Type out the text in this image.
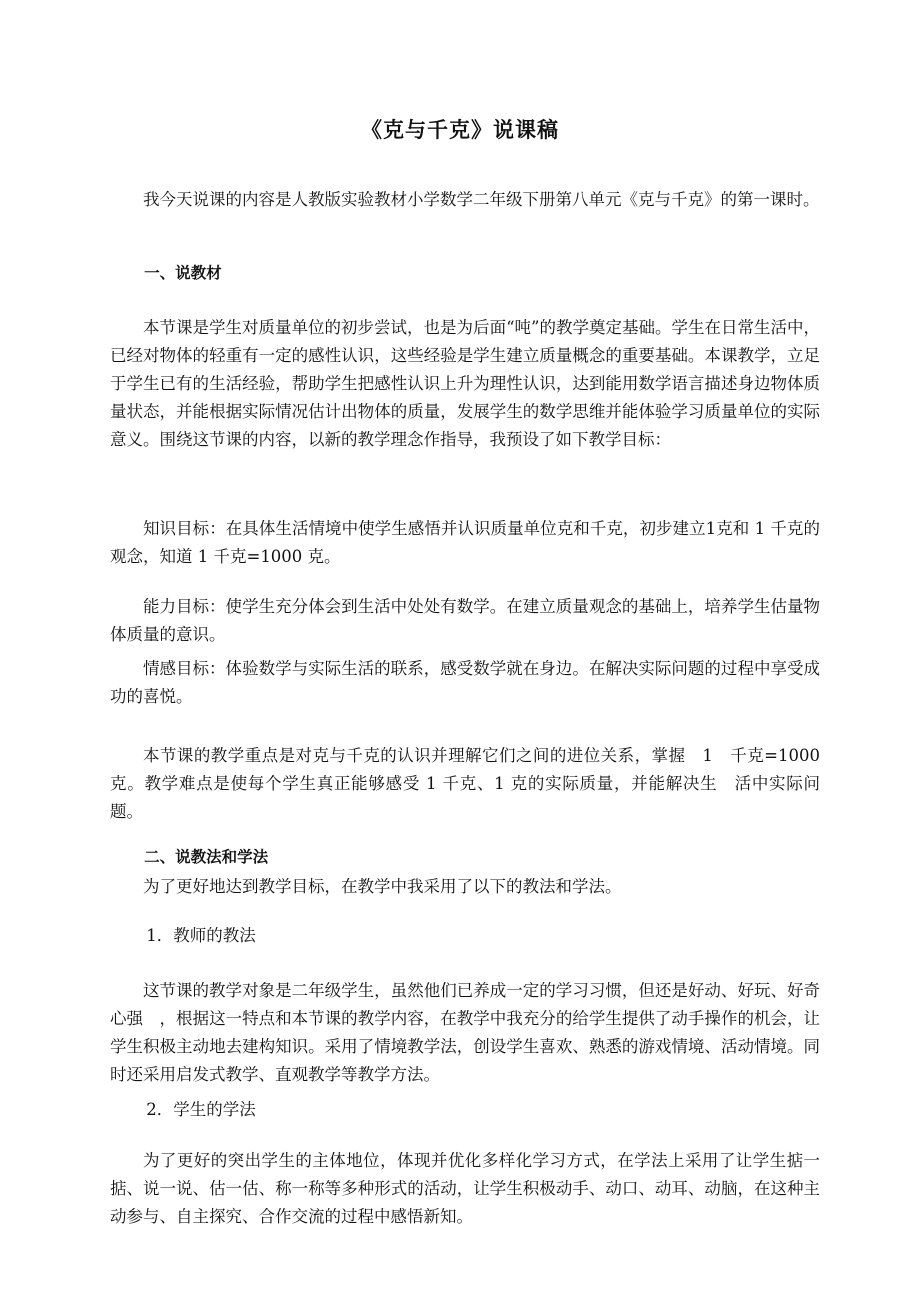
《克与千克》说课稿

我今天说课的内容是人教版实验教材小学数学二年级下册第八单元《克与千克》的第一课时。

一、说教材

本节课是学生对质量单位的初步尝试，也是为后面“吨”的教学奠定基础。学生在日常生活中，已经对物体的轻重有一定的感性认识，这些经验是学生建立质量概念的重要基础。本课教学，立足于学生已有的生活经验，帮助学生把感性认识上升为理性认识，达到能用数学语言描述身边物体质量状态，并能根据实际情况估计出物体的质量，发展学生的数学思维并能体验学习质量单位的实际意义。围绕这节课的内容，以新的教学理念作指导，我预设了如下教学目标：

知识目标：在具体生活情境中使学生感悟并认识质量单位克和千克，初步建立1克和 1 千克的观念，知道 1 千克=1000 克。

能力目标：使学生充分体会到生活中处处有数学。在建立质量观念的基础上，培养学生估量物体质量的意识。

情感目标：体验数学与实际生活的联系，感受数学就在身边。在解决实际问题的过程中享受成功的喜悦。

本节课的教学重点是对克与千克的认识并理解它们之间的进位关系，掌握　1　千克=1000 克。教学难点是使每个学生真正能够感受 1 千克、1 克的实际质量，并能解决生　活中实际问题。

二、说教法和学法

为了更好地达到教学目标，在教学中我采用了以下的教法和学法。

1．教师的教法

这节课的教学对象是二年级学生，虽然他们已养成一定的学习习惯，但还是好动、好玩、好奇心强　，根据这一特点和本节课的教学内容，在教学中我充分的给学生提供了动手操作的机会，让学生积极主动地去建构知识。采用了情境教学法，创设学生喜欢、熟悉的游戏情境、活动情境。同时还采用启发式教学、直观教学等教学方法。

2．学生的学法

为了更好的突出学生的主体地位，体现并优化多样化学习方式，在学法上采用了让学生掂一掂、说一说、估一估、称一称等多种形式的活动，让学生积极动手、动口、动耳、动脑，在这种主动参与、自主探究、合作交流的过程中感悟新知。
